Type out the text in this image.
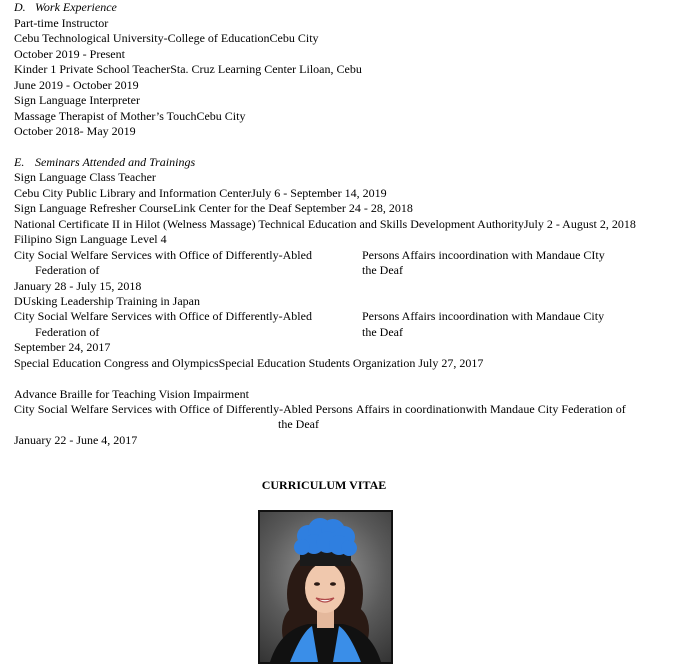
D. Work Experience
Part-time Instructor
Cebu Technological University-College of EducationCebu City
October 2019 - Present
Kinder 1 Private School TeacherSta. Cruz Learning Center Liloan, Cebu
June 2019 - October 2019
Sign Language Interpreter
Massage Therapist of Mother’s TouchCebu City
October 2018- May 2019
E. Seminars Attended and Trainings
Sign Language Class Teacher
Cebu City Public Library and Information CenterJuly 6 - September 14, 2019
Sign Language Refresher CourseLink Center for the Deaf September 24 - 28, 2018
National Certificate II in Hilot (Welness Massage) Technical Education and Skills Development AuthorityJuly 2 - August 2, 2018
Filipino Sign Language Level 4
City Social Welfare Services with Office of Differently-Abled	Persons Affairs incoordination with Mandaue CIty
Federation of	the Deaf
January 28 - July 15, 2018
DUsking Leadership Training in Japan
City Social Welfare Services with Office of Differently-Abled	Persons Affairs incoordination with Mandaue City
Federation of	the Deaf
September 24, 2017
Special Education Congress and OlympicsSpecial Education Students Organization July 27, 2017
Advance Braille for Teaching Vision Impairment
City Social Welfare Services with Office of Differently-Abled Persons Affairs in coordinationwith Mandaue City Federation of
the Deaf
January 22 - June 4, 2017
CURRICULUM VITAE
